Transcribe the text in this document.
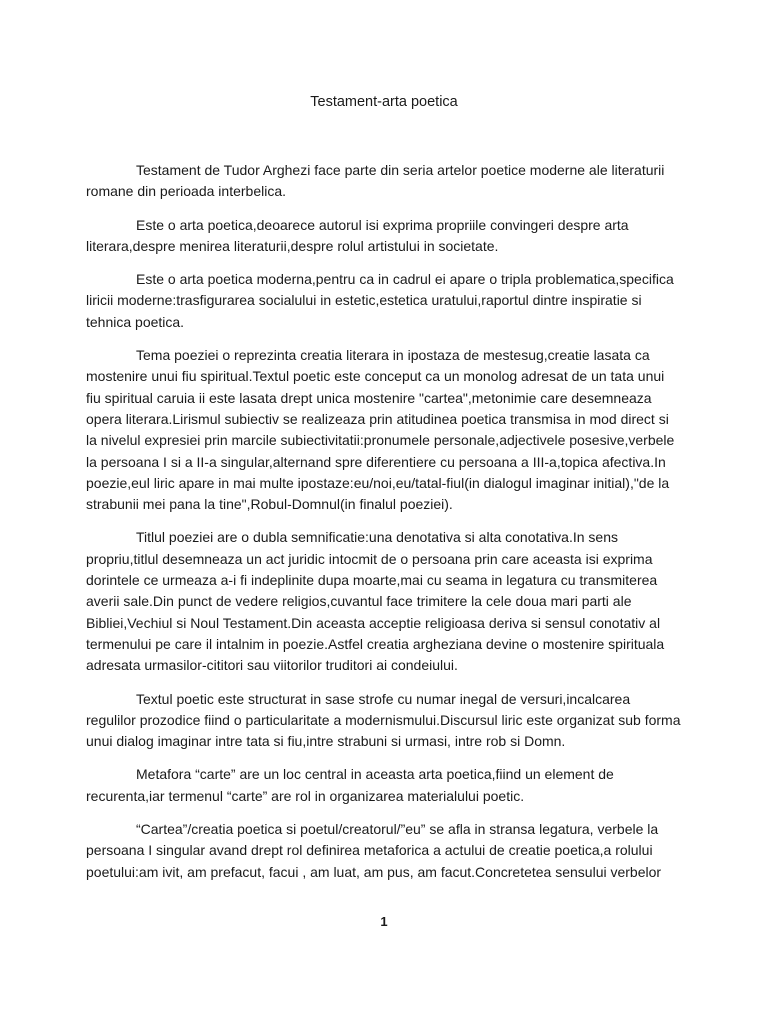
Testament-arta poetica

Testament de Tudor Arghezi face parte din seria artelor poetice moderne ale literaturii romane din perioada interbelica.

Este o arta poetica,deoarece autorul isi exprima propriile convingeri despre arta literara,despre menirea literaturii,despre rolul artistului in societate.

Este o arta poetica moderna,pentru ca in cadrul ei apare o tripla problematica,specifica liricii moderne:trasfigurarea socialului in estetic,estetica uratului,raportul dintre inspiratie si tehnica poetica.

Tema poeziei o reprezinta creatia literara in ipostaza de mestesug,creatie lasata ca mostenire unui fiu spiritual.Textul poetic este conceput ca un monolog adresat de un tata unui fiu spiritual caruia ii este lasata drept unica mostenire "cartea",metonimie care desemneaza opera literara.Lirismul subiectiv se realizeaza prin atitudinea poetica transmisa in mod direct si la nivelul expresiei prin marcile subiectivitatii:pronumele personale,adjectivele posesive,verbele la persoana I si a II-a singular,alternand spre diferentiere cu persoana a III-a,topica afectiva.In poezie,eul liric apare in mai multe ipostaze:eu/noi,eu/tatal-fiul(in dialogul imaginar initial),"de la strabunii mei pana la tine",Robul-Domnul(in finalul poeziei).

Titlul poeziei are o dubla semnificatie:una denotativa si alta conotativa.In sens propriu,titlul desemneaza un act juridic intocmit de o persoana prin care aceasta isi exprima dorintele ce urmeaza a-i fi indeplinite dupa moarte,mai cu seama in legatura cu transmiterea averii sale.Din punct de vedere religios,cuvantul face trimitere la cele doua mari parti ale Bibliei,Vechiul si Noul Testament.Din aceasta acceptie religioasa deriva si sensul conotativ al termenului pe care il intalnim in poezie.Astfel creatia argheziana devine o mostenire spirituala adresata urmasilor-cititori sau viitorilor truditori ai condeiului.

Textul poetic este structurat in sase strofe cu numar inegal de versuri,incalcarea regulilor prozodice fiind o particularitate a modernismului.Discursul liric este organizat sub forma unui dialog imaginar intre tata si fiu,intre strabuni si urmasi, intre rob si Domn.

Metafora “carte” are un loc central in aceasta arta poetica,fiind un element de recurenta,iar termenul “carte” are rol in organizarea materialului poetic.

“Cartea”/creatia poetica si poetul/creatorul/”eu” se afla in stransa legatura, verbele la persoana I singular avand drept rol definirea metaforica a actului de creatie poetica,a rolului poetului:am ivit, am prefacut, facui , am luat, am pus, am facut.Concretetea sensului verbelor

1
